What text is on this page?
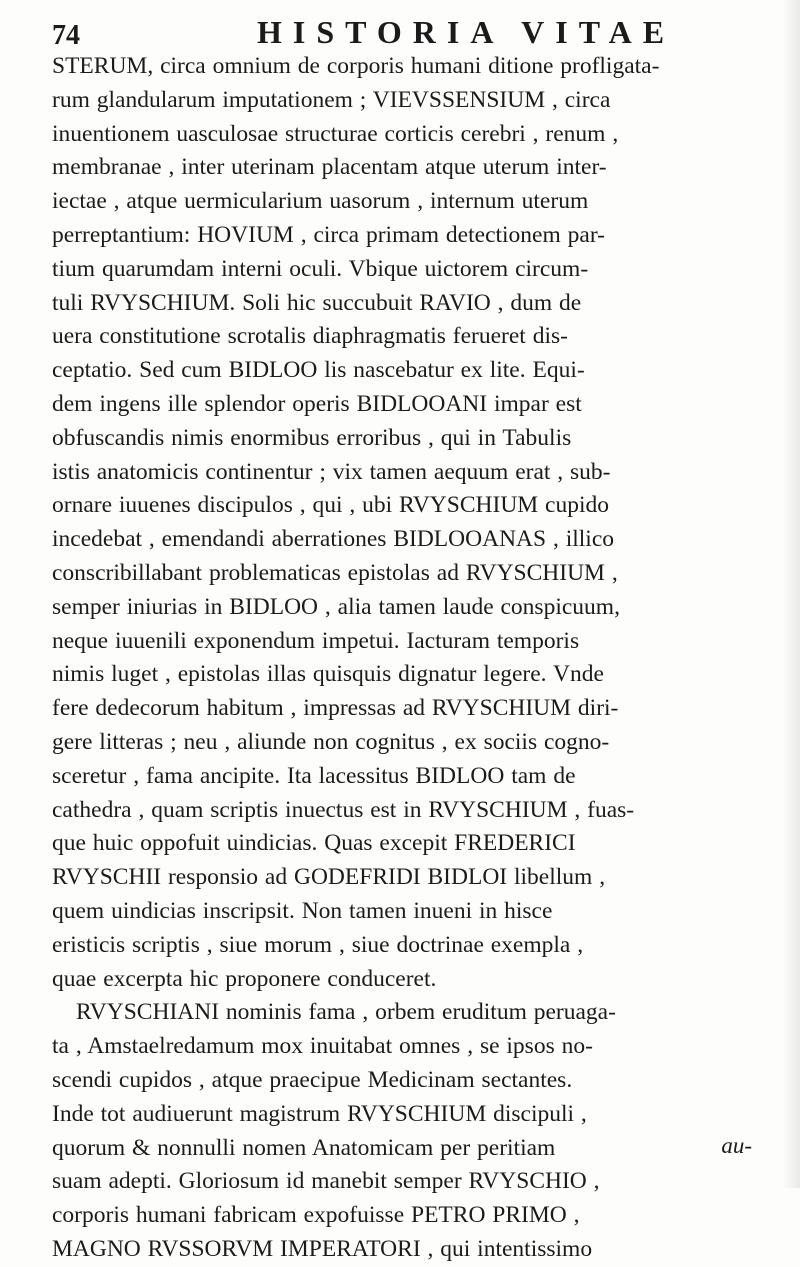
74	HISTORIA VITAE
STERUM, circa omnium de corporis humani ditione profligata-
rum glandularum imputationem ; VIEVSSENSIUM , circa
inuentionem uasculosae structurae corticis cerebri , renum ,
membranae , inter uterinam placentam atque uterum inter-
iectae , atque uermicularium uasorum , internum uterum
perreptantium: HOVIUM , circa primam detectionem par-
tium quarumdam interni oculi. Vbique uictorem circum-
tuli RVYSCHIUM. Soli hic succubuit RAVIO , dum de
uera constitutione scrotalis diaphragmatis ferueret dis-
ceptatio. Sed cum BIDLOO lis nascebatur ex lite. Equi-
dem ingens ille splendor operis BIDLOOANI impar est
obfuscandis nimis enormibus erroribus , qui in Tabulis
istis anatomicis continentur ; vix tamen aequum erat , sub-
ornare iuuenes discipulos , qui , ubi RVYSCHIUM cupido
incedebat , emendandi aberrationes BIDLOOANAS , illico
conscribillabant problematicas epistolas ad RVYSCHIUM ,
semper iniurias in BIDLOO , alia tamen laude conspicuum,
neque iuuenili exponendum impetui. Iacturam temporis
nimis luget , epistolas illas quisquis dignatur legere. Vnde
fere dedecorum habitum , impressas ad RVYSCHIUM diri-
gere litteras ; neu , aliunde non cognitus , ex sociis cogno-
sceretur , fama ancipite. Ita lacessitus BIDLOO tam de
cathedra , quam scriptis inuectus est in RVYSCHIUM , fuas-
que huic oppofuit uindicias. Quas excepit FREDERICI
RVYSCHII responsio ad GODEFRIDI BIDLOI libellum ,
quem uindicias inscripsit. Non tamen inueni in hisce
eristicis scriptis , siue morum , siue doctrinae exempla ,
quae excerpta hic proponere conduceret.
RVYSCHIANI nominis fama , orbem eruditum peruaga-
ta , Amstaelredamum mox inuitabat omnes , se ipsos no-
scendi cupidos , atque praecipue Medicinam sectantes.
Inde tot audiuerunt magistrum RVYSCHIUM discipuli ,
quorum & nonnulli nomen Anatomicam per peritiam
suam adepti. Gloriosum id manebit semper RVYSCHIO ,
corporis humani fabricam expofuisse PETRO PRIMO ,
MAGNO RVSSORVM IMPERATORI , qui intentissimo
au-
